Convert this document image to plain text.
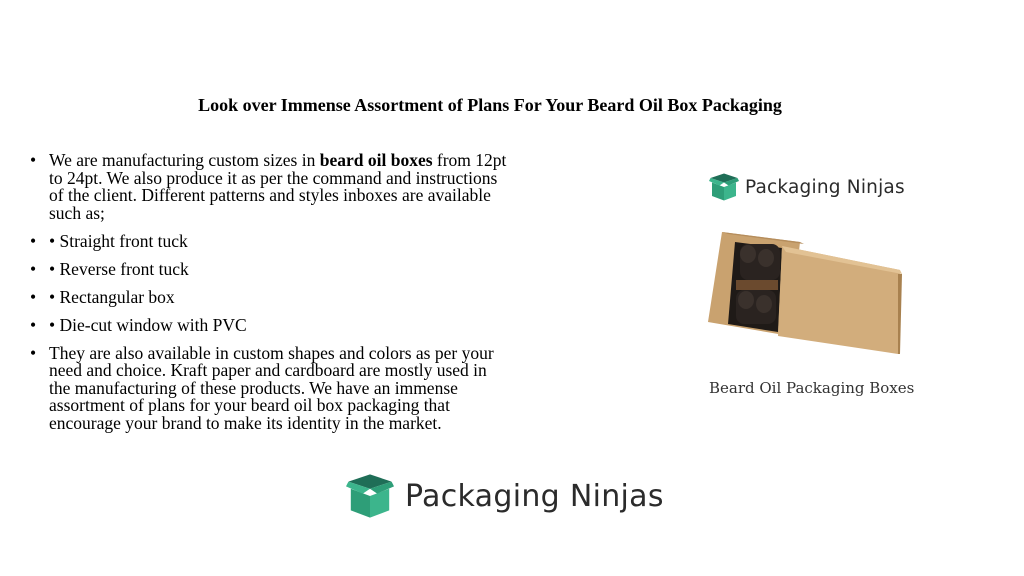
Look over Immense Assortment of Plans For Your Beard Oil Box Packaging
• We are manufacturing custom sizes in beard oil boxes from 12pt to 24pt. We also produce it as per the command and instructions of the client. Different patterns and styles inboxes are available such as;
• • Straight front tuck
• • Reverse front tuck
• • Rectangular box
• • Die-cut window with PVC
• They are also available in custom shapes and colors as per your need and choice. Kraft paper and cardboard are mostly used in the manufacturing of these products. We have an immense assortment of plans for your beard oil box packaging that encourage your brand to make its identity in the market.
Packaging Ninjas
Beard Oil Packaging Boxes
Packaging Ninjas
